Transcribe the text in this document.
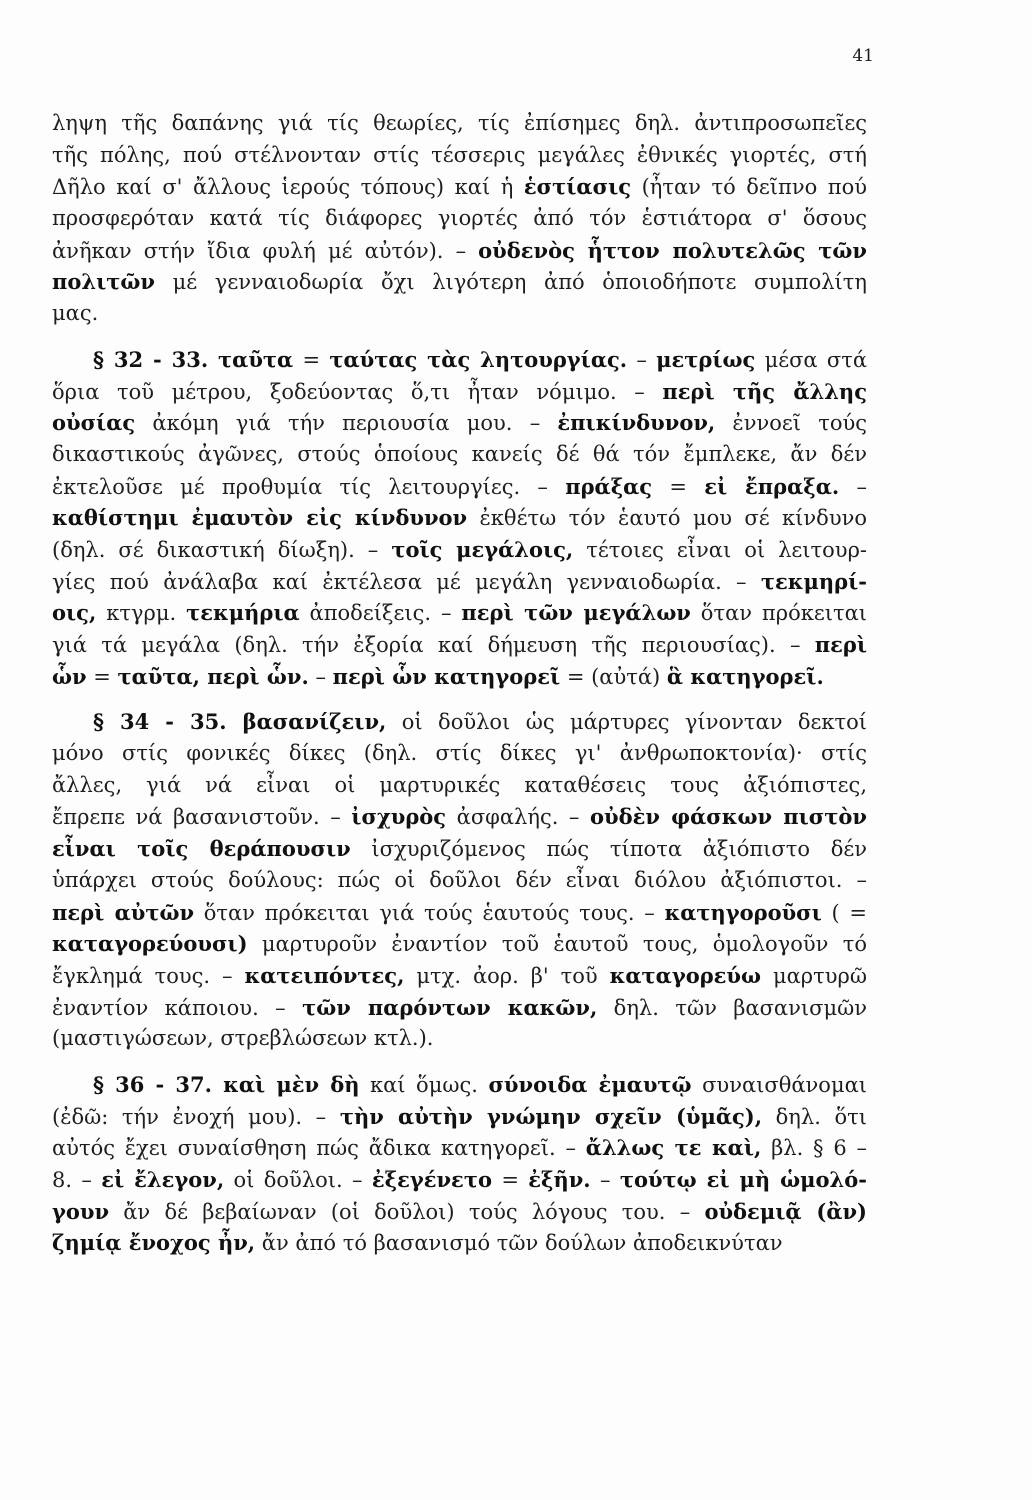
41
ληψη τῆς δαπάνης γιά τίς θεωρίες, τίς ἐπίσημες δηλ. ἀντιπροσωπεῖες
τῆς πόλης, πού στέλνονταν στίς τέσσερις μεγάλες ἐθνικές γιορτές, στή
Δῆλο καί σ' ἄλλους ἱερούς τόπους) καί ἡ ἑστίασις (ἦταν τό δεῖπνο πού
προσφερόταν κατά τίς διάφορες γιορτές ἀπό τόν ἑστιάτορα σ' ὅσους
ἀνῆκαν στήν ἴδια φυλή μέ αὐτόν). – οὐδενὸς ἧττον πολυτελῶς τῶν
πολιτῶν μέ γενναιοδωρία ὄχι λιγότερη ἀπό ὁποιοδήποτε συμπολίτη
μας.
§ 32 - 33. ταῦτα = ταύτας τὰς λητουργίας. – μετρίως μέσα στά
ὅρια τοῦ μέτρου, ξοδεύοντας ὅ,τι ἦταν νόμιμο. – περὶ τῆς ἄλλης
οὐσίας ἀκόμη γιά τήν περιουσία μου. – ἐπικίνδυνον, ἐννοεῖ τούς
δικαστικούς ἀγῶνες, στούς ὁποίους κανείς δέ θά τόν ἔμπλεκε, ἄν δέν
ἐκτελοῦσε μέ προθυμία τίς λειτουργίες. – πράξας = εἰ ἔπραξα. –
καθίστημι ἐμαυτὸν εἰς κίνδυνον ἐκθέτω τόν ἑαυτό μου σέ κίνδυνο
(δηλ. σέ δικαστική δίωξη). – τοῖς μεγάλοις, τέτοιες εἶναι οἱ λειτουρ-
γίες πού ἀνάλαβα καί ἐκτέλεσα μέ μεγάλη γενναιοδωρία. – τεκμηρί-
οις, κτγρμ. τεκμήρια ἀποδείξεις. – περὶ τῶν μεγάλων ὅταν πρόκειται
γιά τά μεγάλα (δηλ. τήν ἐξορία καί δήμευση τῆς περιουσίας). – περὶ
ὧν = ταῦτα, περὶ ὧν. – περὶ ὧν κατηγορεῖ = (αὐτά) ἃ κατηγορεῖ.
§ 34 - 35. βασανίζειν, οἱ δοῦλοι ὡς μάρτυρες γίνονταν δεκτοί
μόνο στίς φονικές δίκες (δηλ. στίς δίκες γι' ἀνθρωποκτονία)· στίς
ἄλλες, γιά νά εἶναι οἱ μαρτυρικές καταθέσεις τους ἀξιόπιστες,
ἔπρεπε νά βασανιστοῦν. – ἰσχυρὸς ἀσφαλής. – οὐδὲν φάσκων πιστὸν
εἶναι τοῖς θεράπουσιν ἰσχυριζόμενος πώς τίποτα ἀξιόπιστο δέν
ὑπάρχει στούς δούλους: πώς οἱ δοῦλοι δέν εἶναι διόλου ἀξιόπιστοι. –
περὶ αὐτῶν ὅταν πρόκειται γιά τούς ἑαυτούς τους. – κατηγοροῦσι ( =
καταγορεύουσι) μαρτυροῦν ἐναντίον τοῦ ἑαυτοῦ τους, ὁμολογοῦν τό
ἔγκλημά τους. – κατειπόντες, μτχ. ἀορ. β' τοῦ καταγορεύω μαρτυρῶ
ἐναντίον κάποιου. – τῶν παρόντων κακῶν, δηλ. τῶν βασανισμῶν
(μαστιγώσεων, στρεβλώσεων κτλ.).
§ 36 - 37. καὶ μὲν δὴ καί ὅμως. σύνοιδα ἐμαυτῷ συναισθάνομαι
(ἐδῶ: τήν ἐνοχή μου). – τὴν αὐτὴν γνώμην σχεῖν (ὑμᾶς), δηλ. ὅτι
αὐτός ἔχει συναίσθηση πώς ἄδικα κατηγορεῖ. – ἄλλως τε καὶ, βλ. § 6 –
8. – εἰ ἔλεγον, οἱ δοῦλοι. – ἐξεγένετο = ἐξῆν. – τούτῳ εἰ μὴ ὡμολό-
γουν ἄν δέ βεβαίωναν (οἱ δοῦλοι) τούς λόγους του. – οὐδεμιᾷ (ἂν)
ζημίᾳ ἔνοχος ἦν, ἄν ἀπό τό βασανισμό τῶν δούλων ἀποδεικνύταν
